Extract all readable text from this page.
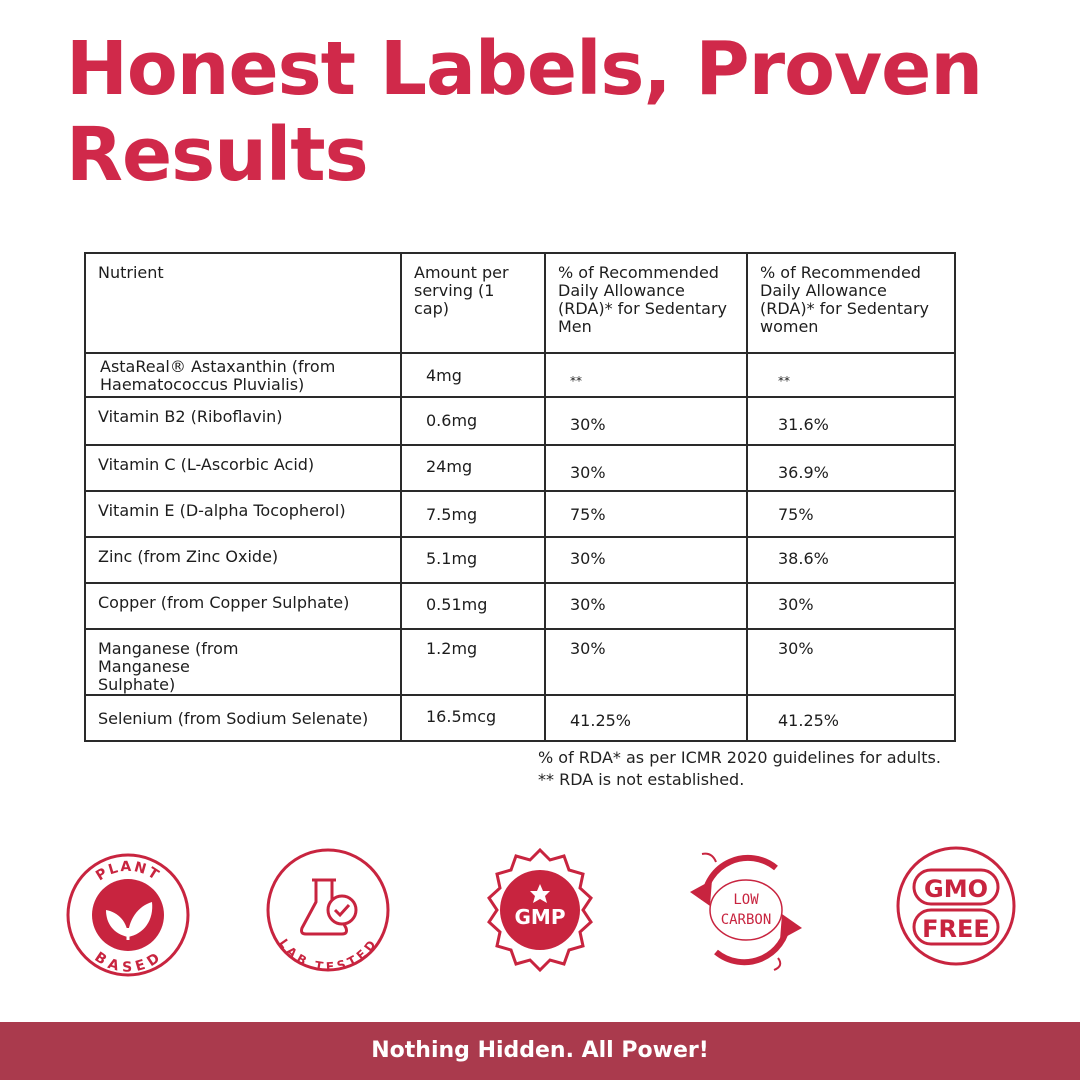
Honest Labels, Proven
Results
Nutrient	Amount per serving (1 cap)	% of Recommended Daily Allowance (RDA)* for Sedentary Men	% of Recommended Daily Allowance (RDA)* for Sedentary women
AstaReal® Astaxanthin (from Haematococcus Pluvialis)	4mg	**	**
Vitamin B2 (Riboflavin)	0.6mg	30%	31.6%
Vitamin C (L-Ascorbic Acid)	24mg	30%	36.9%
Vitamin E (D-alpha Tocopherol)	7.5mg	75%	75%
Zinc (from Zinc Oxide)	5.1mg	30%	38.6%
Copper (from Copper Sulphate)	0.51mg	30%	30%
Manganese (from Manganese Sulphate)	1.2mg	30%	30%
Selenium (from Sodium Selenate)	16.5mcg	41.25%	41.25%
% of RDA* as per ICMR 2020 guidelines for adults.
** RDA is not established.
PLANT
BASED
LAB TESTED
GMP
LOW
CARBON
GMO
FREE
Nothing Hidden. All Power!
